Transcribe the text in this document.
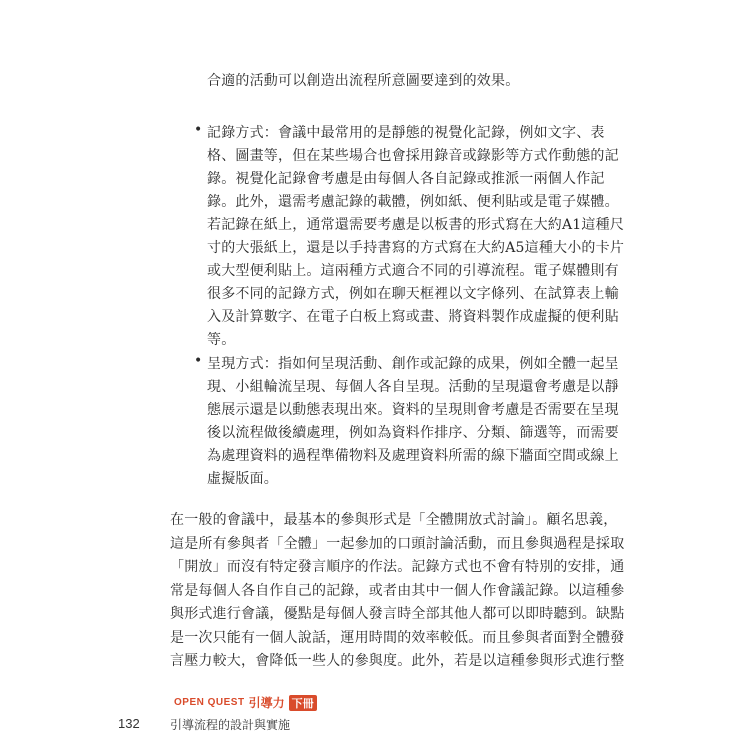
合適的活動可以創造出流程所意圖要達到的效果。
• 記錄方式：會議中最常用的是靜態的視覺化記錄，例如文字、表
格、圖畫等，但在某些場合也會採用錄音或錄影等方式作動態的記
錄。視覺化記錄會考慮是由每個人各自記錄或推派一兩個人作記
錄。此外，還需考慮記錄的載體，例如紙、便利貼或是電子媒體。
若記錄在紙上，通常還需要考慮是以板書的形式寫在大約A1這種尺
寸的大張紙上，還是以手持書寫的方式寫在大約A5這種大小的卡片
或大型便利貼上。這兩種方式適合不同的引導流程。電子媒體則有
很多不同的記錄方式，例如在聊天框裡以文字條列、在試算表上輸
入及計算數字、在電子白板上寫或畫、將資料製作成虛擬的便利貼
等。
• 呈現方式：指如何呈現活動、創作或記錄的成果，例如全體一起呈
現、小組輪流呈現、每個人各自呈現。活動的呈現還會考慮是以靜
態展示還是以動態表現出來。資料的呈現則會考慮是否需要在呈現
後以流程做後續處理，例如為資料作排序、分類、篩選等，而需要
為處理資料的過程準備物料及處理資料所需的線下牆面空間或線上
虛擬版面。
在一般的會議中，最基本的參與形式是「全體開放式討論」。顧名思義，
這是所有參與者「全體」一起參加的口頭討論活動，而且參與過程是採取
「開放」而沒有特定發言順序的作法。記錄方式也不會有特別的安排，通
常是每個人各自作自己的記錄，或者由其中一個人作會議記錄。以這種參
與形式進行會議，優點是每個人發言時全部其他人都可以即時聽到。缺點
是一次只能有一個人說話，運用時間的效率較低。而且參與者面對全體發
言壓力較大，會降低一些人的參與度。此外，若是以這種參與形式進行整
132
OPEN QUEST 引導力 下冊
引導流程的設計與實施
